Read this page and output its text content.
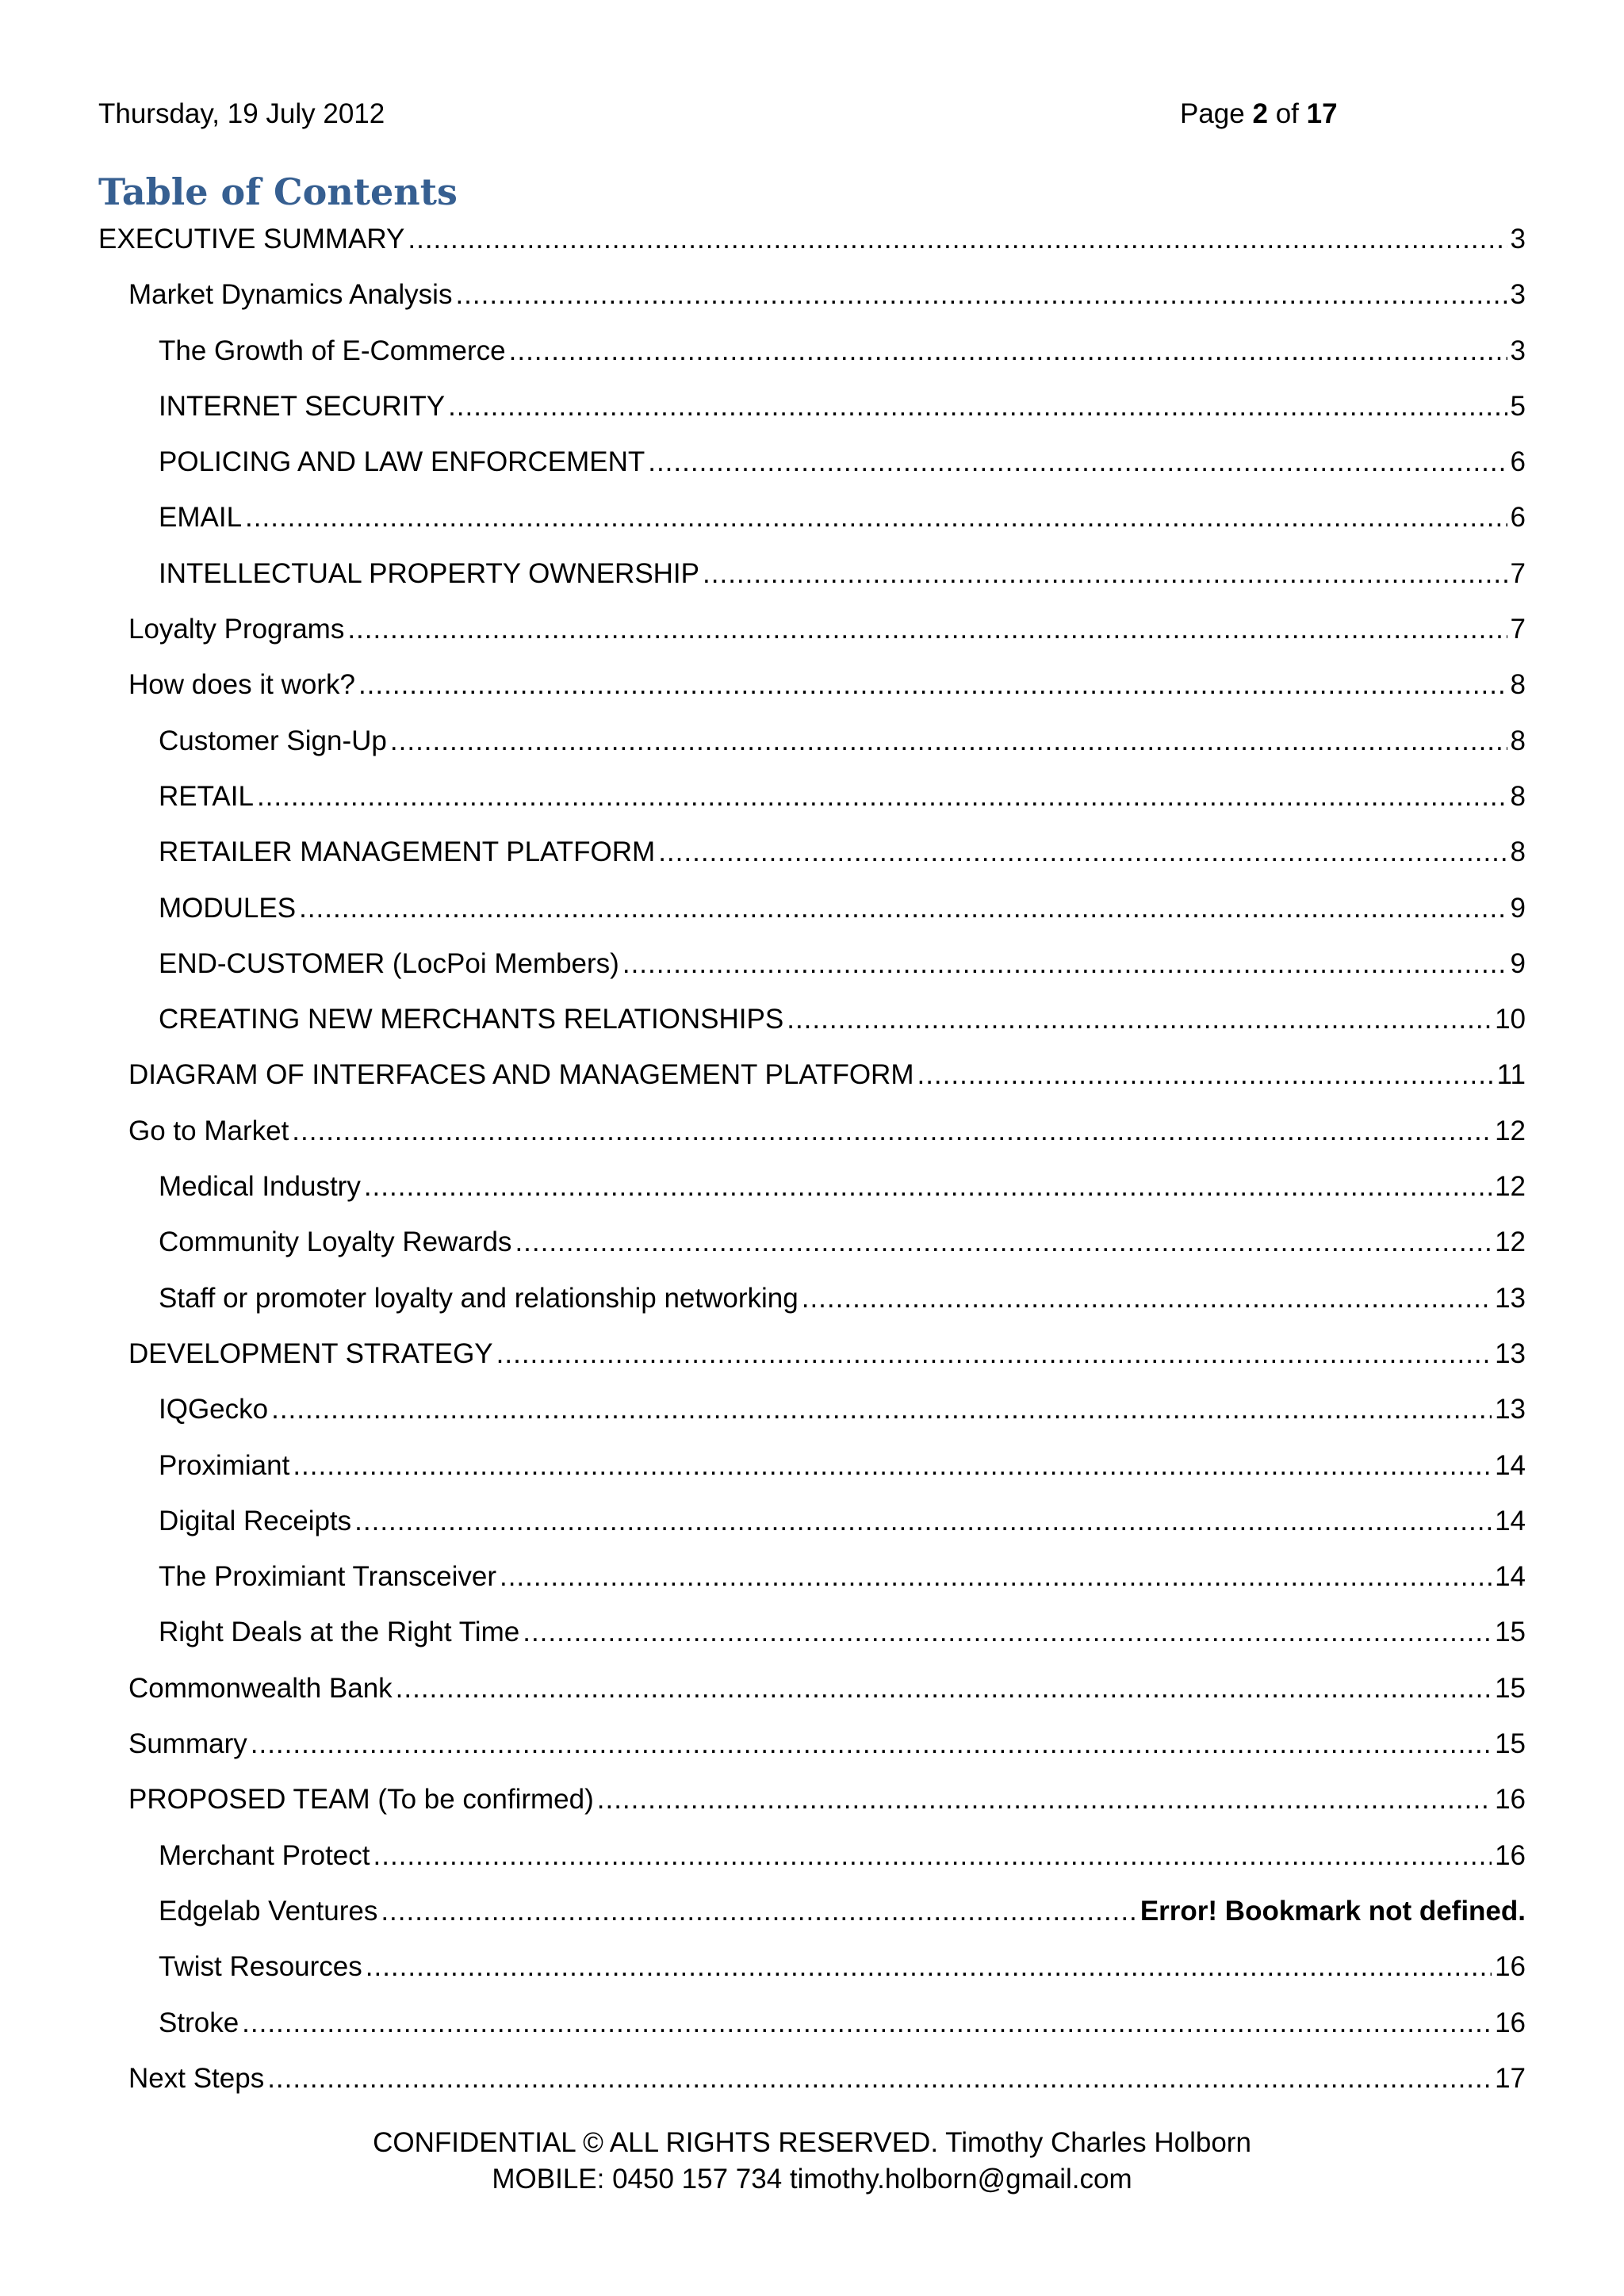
Thursday, 19 July 2012	Page 2 of 17
Table of Contents
EXECUTIVE SUMMARY .....	3
Market Dynamics Analysis .....	3
The Growth of E-Commerce .....	3
INTERNET SECURITY .....	5
POLICING AND LAW ENFORCEMENT .....	6
EMAIL .....	6
INTELLECTUAL PROPERTY OWNERSHIP .....	7
Loyalty Programs .....	7
How does it work? .....	8
Customer Sign-Up .....	8
RETAIL .....	8
RETAILER MANAGEMENT PLATFORM .....	8
MODULES .....	9
END-CUSTOMER (LocPoi Members) .....	9
CREATING NEW MERCHANTS RELATIONSHIPS .....	10
DIAGRAM OF INTERFACES AND MANAGEMENT PLATFORM .....	11
Go to Market .....	12
Medical Industry .....	12
Community Loyalty Rewards .....	12
Staff or promoter loyalty and relationship networking .....	13
DEVELOPMENT STRATEGY .....	13
IQGecko .....	13
Proximiant .....	14
Digital Receipts .....	14
The Proximiant Transceiver .....	14
Right Deals at the Right Time .....	15
Commonwealth Bank .....	15
Summary .....	15
PROPOSED TEAM (To be confirmed) .....	16
Merchant Protect .....	16
Edgelab Ventures .....	Error! Bookmark not defined.
Twist Resources .....	16
Stroke .....	16
Next Steps .....	17
CONFIDENTIAL © ALL RIGHTS RESERVED. Timothy Charles Holborn
MOBILE: 0450 157 734 timothy.holborn@gmail.com
